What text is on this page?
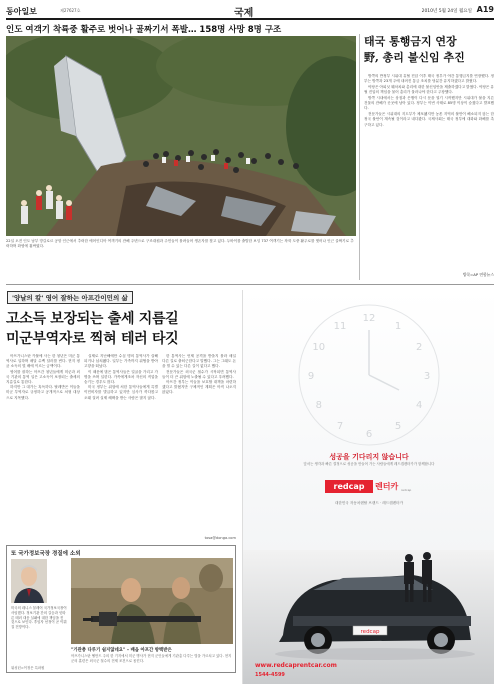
동아일보	제27627호	국제	2010년 5월 24일 월요일 A19
인도 여객기 착륙중 활주로 벗어나 골짜기서 폭발… 158명 사망 8명 구조
22일 오전 인도 남부 망갈로르 공항 인근에서 추락한 에어인디아 여객기의 잔해 주변으로 구조대원과 주민들이 몰려들어 생존자를 찾고 있다. 두바이를 출발한 보잉 737 여객기는 착륙 도중 활주로를 벗어나 인근 골짜기로 추락하며 화염에 휩싸였다.
태국 통행금지 연장
野, 총리 불신임 추진

방콕의 반정부 시위대 유혈 진압 이후 태국 정부가 야간 통행금지를 연장했다. 정부는 방콕과 23개 주에 내려진 통금 조치를 당분간 유지하겠다고 밝혔다.

야당은 아피싯 웨차치와 총리에 대한 불신임안을 제출하겠다고 밝혔다. 야당은 유혈 진압의 책임을 물어 총리가 물러나야 한다고 주장했다.

방콕 시내에서는 상점과 은행이 다시 문을 열기 시작했지만 시위대가 불을 지른 건물의 잔해가 곳곳에 남아 있다. 정부는 이번 사태로 85명 이상이 숨졌다고 발표했다.

전문가들은 시위대의 지도부가 체포됐지만 농촌 지역의 불만이 해소되지 않는 한 정국 불안이 계속될 것이라고 내다봤다. 국제사회는 태국 정부에 대화와 화해를 촉구하고 있다.

방콕=AP 연합뉴스
'양날의 칼' 영어 잘하는 아프간이민의 삶
고소득 보장되는 출세 지름길
미군부역자로 찍혀 테러 타깃

아프가니스탄 카불에 사는 한 청년은 미군 통역사로 일하며 매달 수백 달러를 번다. 현지 평균 소득의 몇 배에 이르는 금액이다.

영어를 잘하는 아프간 청년들에게 미군과 외국 기관의 통역 일은 고소득이 보장되는 출세의 지름길로 통한다.

하지만 그 대가는 혹독하다. 탈레반은 이들을 미군 부역자로 규정하고 공개적으로 처형 대상으로 지목했다.

실제로 지난해에만 수십 명의 통역사가 살해되거나 납치됐다. 일부는 가족까지 위협을 받아 고향을 떠났다.

이 때문에 많은 통역사들은 얼굴을 가리고 가명을 쓰며 일한다. 가족에게조차 자신의 직업을 숨기는 경우도 많다.

미국 정부는 위험에 처한 통역사들에게 특별이민비자를 발급하고 있지만 심사가 까다롭고 오래 걸려 실제 혜택을 받는 사람은 많지 않다.

한 통역사는 언제 공격을 받을지 몰라 매일 다른 길로 출퇴근한다고 말했다. 그는 그래도 돈을 벌 수 있는 다른 길이 없다고 했다.

전문가들은 외국군 철수가 시작되면 통역사들이 더 큰 위험에 노출될 수 있다고 우려했다.

아프간 정부는 이들을 보호할 대책을 마련하겠다고 밝혔지만 구체적인 계획은 아직 나오지 않았다.

tosa@donga.com
또 국가정보국장 경질에 소외
미국의 데니스 블레어 국가정보국장이 사임했다. 정보기관 간의 갈등과 잇따른 테러 대응 실패에 대한 책임을 진 것으로 보인다. 후임자 선정이 곧 이뤄질 전망이다.
"기관총 다루기 쉽지않네요" – 배읍 아프간 방백받은
아프가니스탄 헬만드 주의 한 기지에서 미군 병사가 현지 군인들에게 기관총 다루는 법을 가르치고 있다. 현지 군의 훈련은 외국군 철수의 전제 조건으로 꼽힌다.
워싱턴=이정은 특파원
12
1
2
3
4
5
6
7
8
9
10
11
redcap
성공을 기다리지 않습니다
앞서는 생각과 빠른 결정으로 성공을 만들어 가는 사람들에게 레드캡렌터카가 함께합니다
redcap	렌터카 redcap
대한민국 자동차렌탈 브랜드 · 레드캡렌터카
www.redcaprentcar.com
1544-4599
